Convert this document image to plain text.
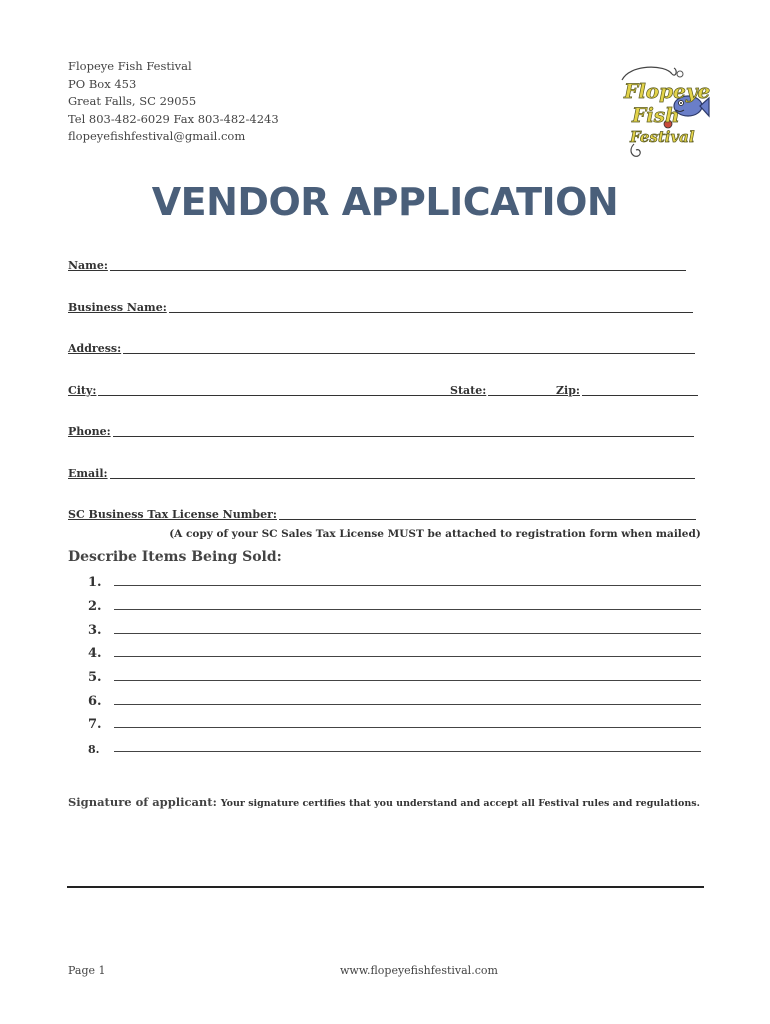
Flopeye Fish Festival
PO Box 453
Great Falls, SC 29055
Tel 803-482-6029 Fax 803-482-4243
flopeyefishfestival@gmail.com
Flopeye
Fish
Festival
VENDOR APPLICATION
Name:
Business Name:
Address:
City:	State:	Zip:
Phone:
Email:
SC Business Tax License Number:
(A copy of your SC Sales Tax License MUST be attached to registration form when mailed)
Describe Items Being Sold:
1.
2.
3.
4.
5.
6.
7.
8.
Signature of applicant: Your signature certifies that you understand and accept all Festival rules and regulations.
Page 1	www.flopeyefishfestival.com
